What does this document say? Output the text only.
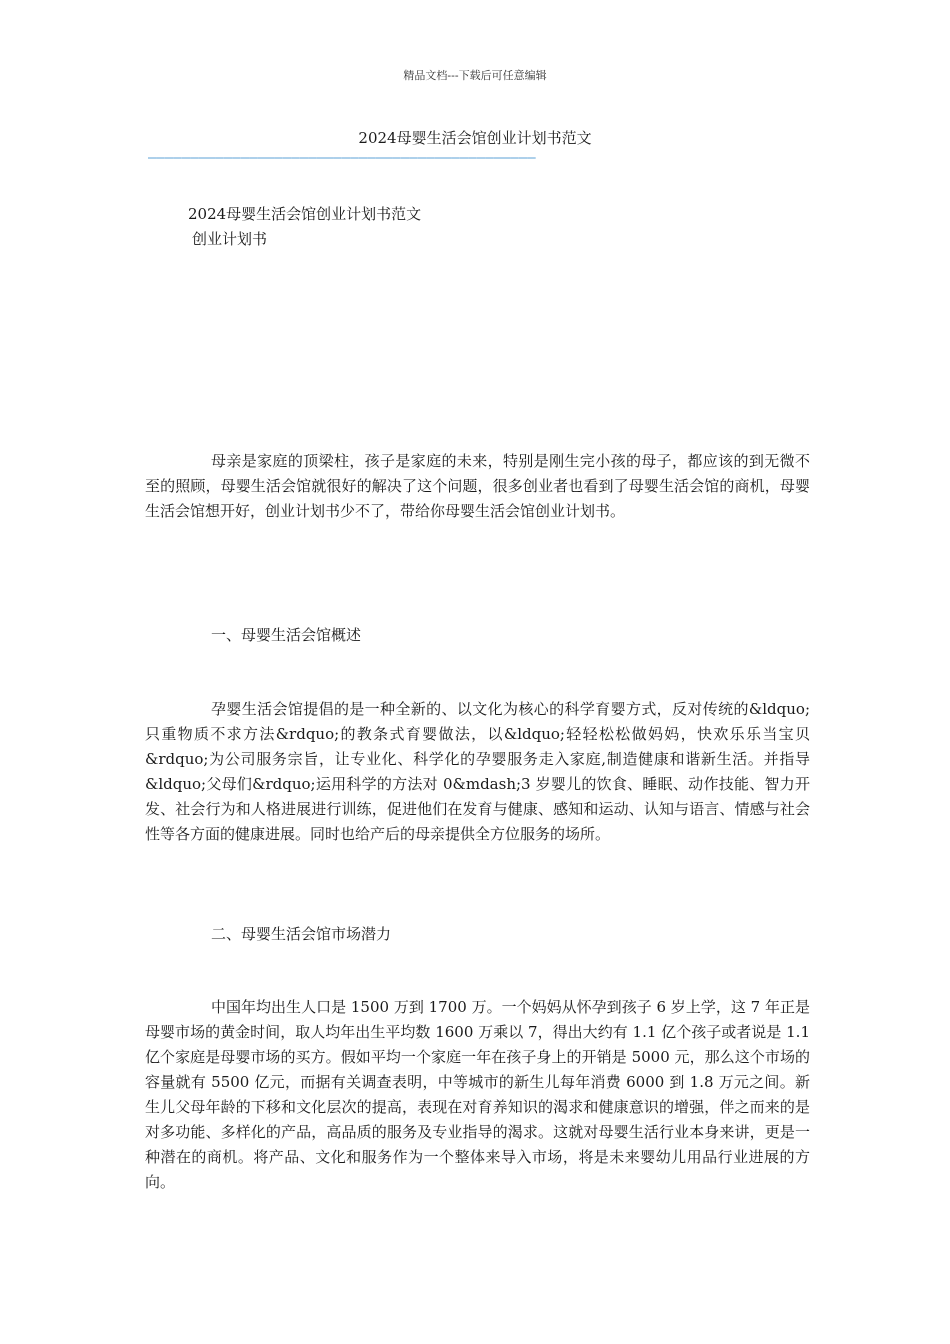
精品文档---下载后可任意编辑
2024母婴生活会馆创业计划书范文
——————————————————————————————————————————————
2024母婴生活会馆创业计划书范文
创业计划书

母亲是家庭的顶梁柱，孩子是家庭的未来，特别是刚生完小孩的母子，都应该的到无微不至的照顾，母婴生活会馆就很好的解决了这个问题，很多创业者也看到了母婴生活会馆的商机，母婴生活会馆想开好，创业计划书少不了，带给你母婴生活会馆创业计划书。

一、母婴生活会馆概述

孕婴生活会馆提倡的是一种全新的、以文化为核心的科学育婴方式，反对传统的&ldquo;只重物质不求方法&rdquo;的教条式育婴做法，以&ldquo;轻轻松松做妈妈，快欢乐乐当宝贝&rdquo;为公司服务宗旨，让专业化、科学化的孕婴服务走入家庭,制造健康和谐新生活。并指导&ldquo;父母们&rdquo;运用科学的方法对 0&mdash;3 岁婴儿的饮食、睡眠、动作技能、智力开发、社会行为和人格进展进行训练，促进他们在发育与健康、感知和运动、认知与语言、情感与社会性等各方面的健康进展。同时也给产后的母亲提供全方位服务的场所。

二、母婴生活会馆市场潜力

中国年均出生人口是 1500 万到 1700 万。一个妈妈从怀孕到孩子 6 岁上学，这 7 年正是母婴市场的黄金时间，取人均年出生平均数 1600 万乘以 7，得出大约有 1.1 亿个孩子或者说是 1.1 亿个家庭是母婴市场的买方。假如平均一个家庭一年在孩子身上的开销是 5000 元，那么这个市场的容量就有 5500 亿元，而据有关调查表明，中等城市的新生儿每年消费 6000 到 1.8 万元之间。新生儿父母年龄的下移和文化层次的提高，表现在对育养知识的渴求和健康意识的增强，伴之而来的是对多功能、多样化的产品，高品质的服务及专业指导的渴求。这就对母婴生活行业本身来讲，更是一种潜在的商机。将产品、文化和服务作为一个整体来导入市场，将是未来婴幼儿用品行业进展的方向。
